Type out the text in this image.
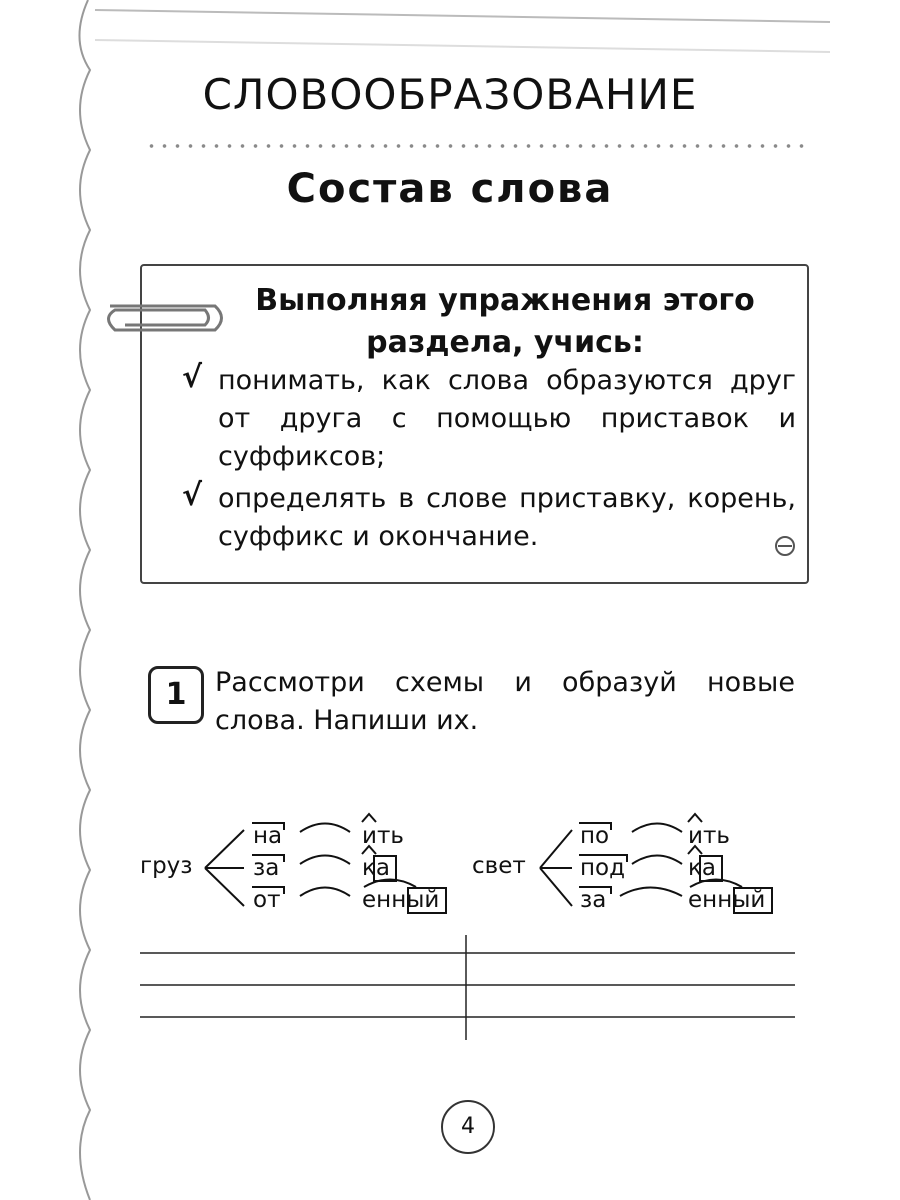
СЛОВООБРАЗОВАНИЕ
Состав слова
Выполняя упражнения этого раздела, учись:
√ понимать, как слова образуются друг от друга с помощью приставок и суффиксов;
√ определять в слове приставку, корень, суффикс и окончание.
1	Рассмотри схемы и образуй новые слова. Напиши их.
груз
на
за
от
ить
ка
енный
свет
по
под
за
ить
ка
енный
4
